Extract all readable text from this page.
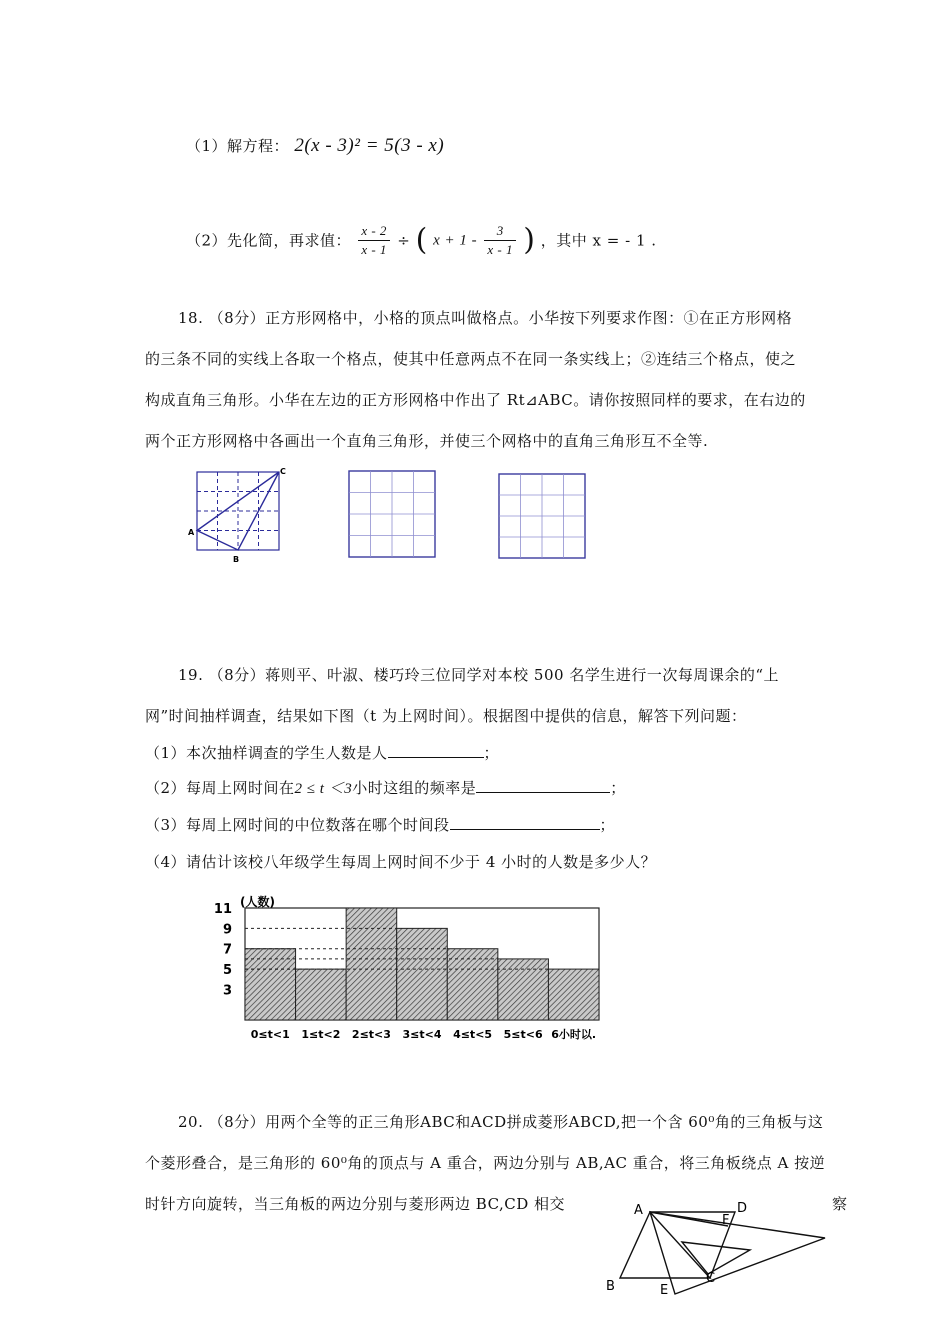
（1）解方程： 2(x - 3)² = 5(3 - x)
（2）先化简，再求值： $\frac{x - 2}{x - 1}$ ÷ ( $x + 1 - \frac{3}{x - 1}$ ) ，其中 x = - 1 .
18. （8分）正方形网格中，小格的顶点叫做格点。小华按下列要求作图：①在正方形网格
的三条不同的实线上各取一个格点，使其中任意两点不在同一条实线上；②连结三个格点，使之
构成直角三角形。小华在左边的正方形网格中作出了 Rt⊿ABC。请你按照同样的要求，在右边的
两个正方形网格中各画出一个直角三角形，并使三个网格中的直角三角形互不全等.
A
C
B
19. （8分）蒋则平、叶淑、楼巧玲三位同学对本校 500 名学生进行一次每周课余的“上
网”时间抽样调查，结果如下图（t 为上网时间）。根据图中提供的信息，解答下列问题：
（1）本次抽样调查的学生人数是人	；
（2）每周上网时间在2 ≤ t ＜3小时这组的频率是	；
（3）每周上网时间的中位数落在哪个时间段	；
（4）请估计该校八年级学生每周上网时间不少于 4 小时的人数是多少人？
3
5
7
9
11
0≤t<1 1≤t<2 2≤t<3 3≤t<4 4≤t<5 5≤t<6 6小时以.
(人数)
20. （8分）用两个全等的正三角形ABC和ACD拼成菱形ABCD,把一个含 60⁰角的三角板与这
个菱形叠合，是三角形的 60⁰角的顶点与 A 重合，两边分别与 AB,AC 重合，将三角板绕点 A 按逆
时针方向旋转，当三角板的两边分别与菱形两边 BC,CD 相交	察
A	D
F
B	E
C
